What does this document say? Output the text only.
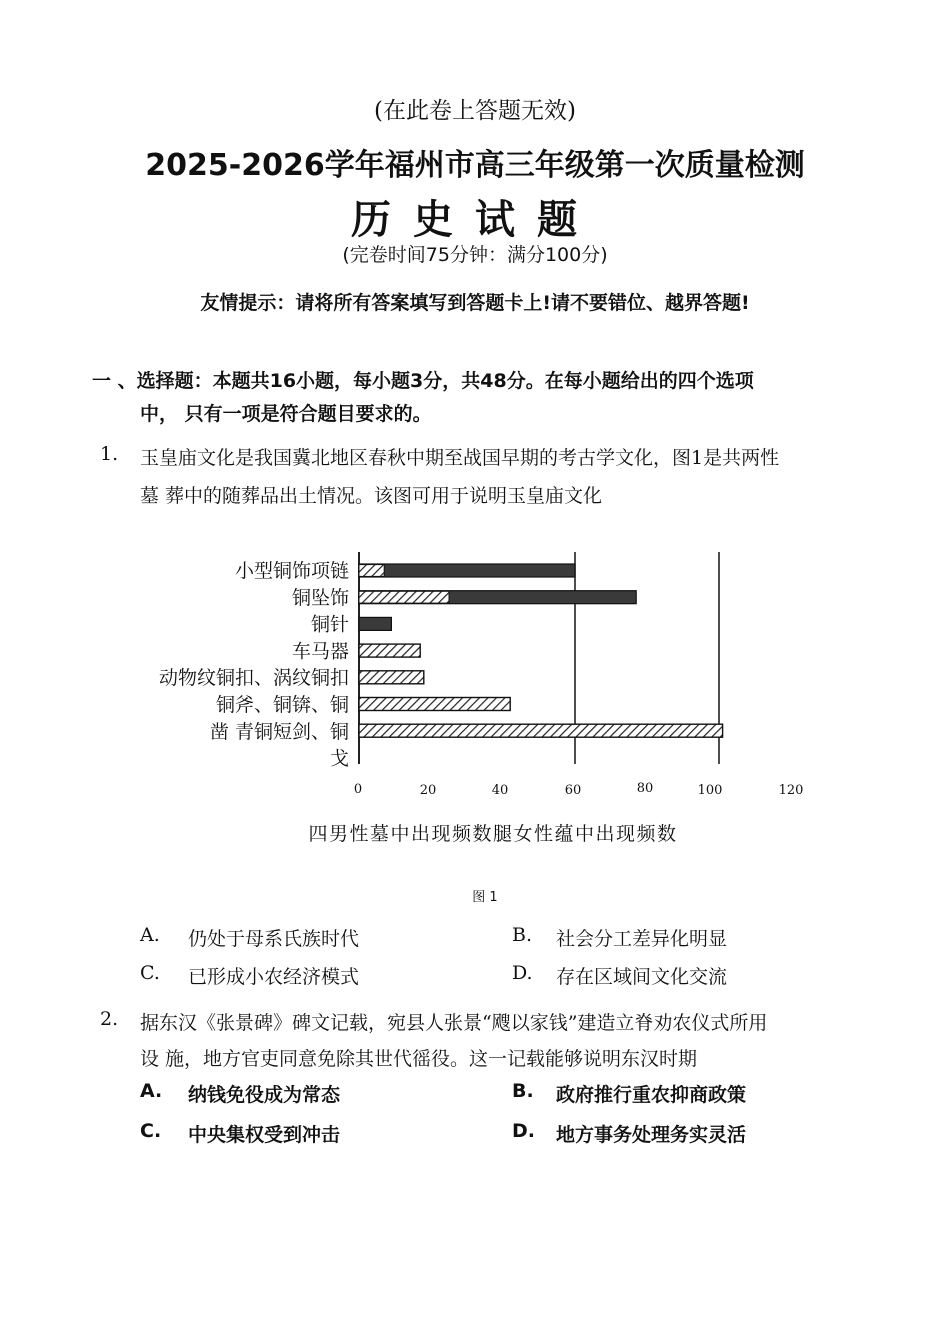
(在此卷上答题无效)
2025-2026学年福州市高三年级第一次质量检测
历史试题
(完卷时间75分钟：满分100分)
友情提示：请将所有答案填写到答题卡上!请不要错位、越界答题!
一 、选择题：本题共16小题，每小题3分，共48分。在每小题给出的四个选项
中， 只有一项是符合题目要求的。
1. 玉皇庙文化是我国冀北地区春秋中期至战国早期的考古学文化，图1是共两性
墓 葬中的随葬品出土情况。该图可用于说明玉皇庙文化
小型铜饰项链
铜坠饰
铜针
车马器
动物纹铜扣、涡纹铜扣
铜斧、铜锛、铜
凿 青铜短剑、铜
戈
0	20	40	60	80	100	120
四男性墓中出现频数腿女性蕴中出现频数
图 1
A. 仍处于母系氏族时代	B. 社会分工差异化明显
C. 已形成小农经济模式	D. 存在区域间文化交流
2. 据东汉《张景碑》碑文记载，宛县人张景“飕以家钱”建造立脊劝农仪式所用
设 施，地方官吏同意免除其世代徭役。这一记载能够说明东汉时期
A. 纳钱免役成为常态	B. 政府推行重农抑商政策
C. 中央集权受到冲击	D. 地方事务处理务实灵活
